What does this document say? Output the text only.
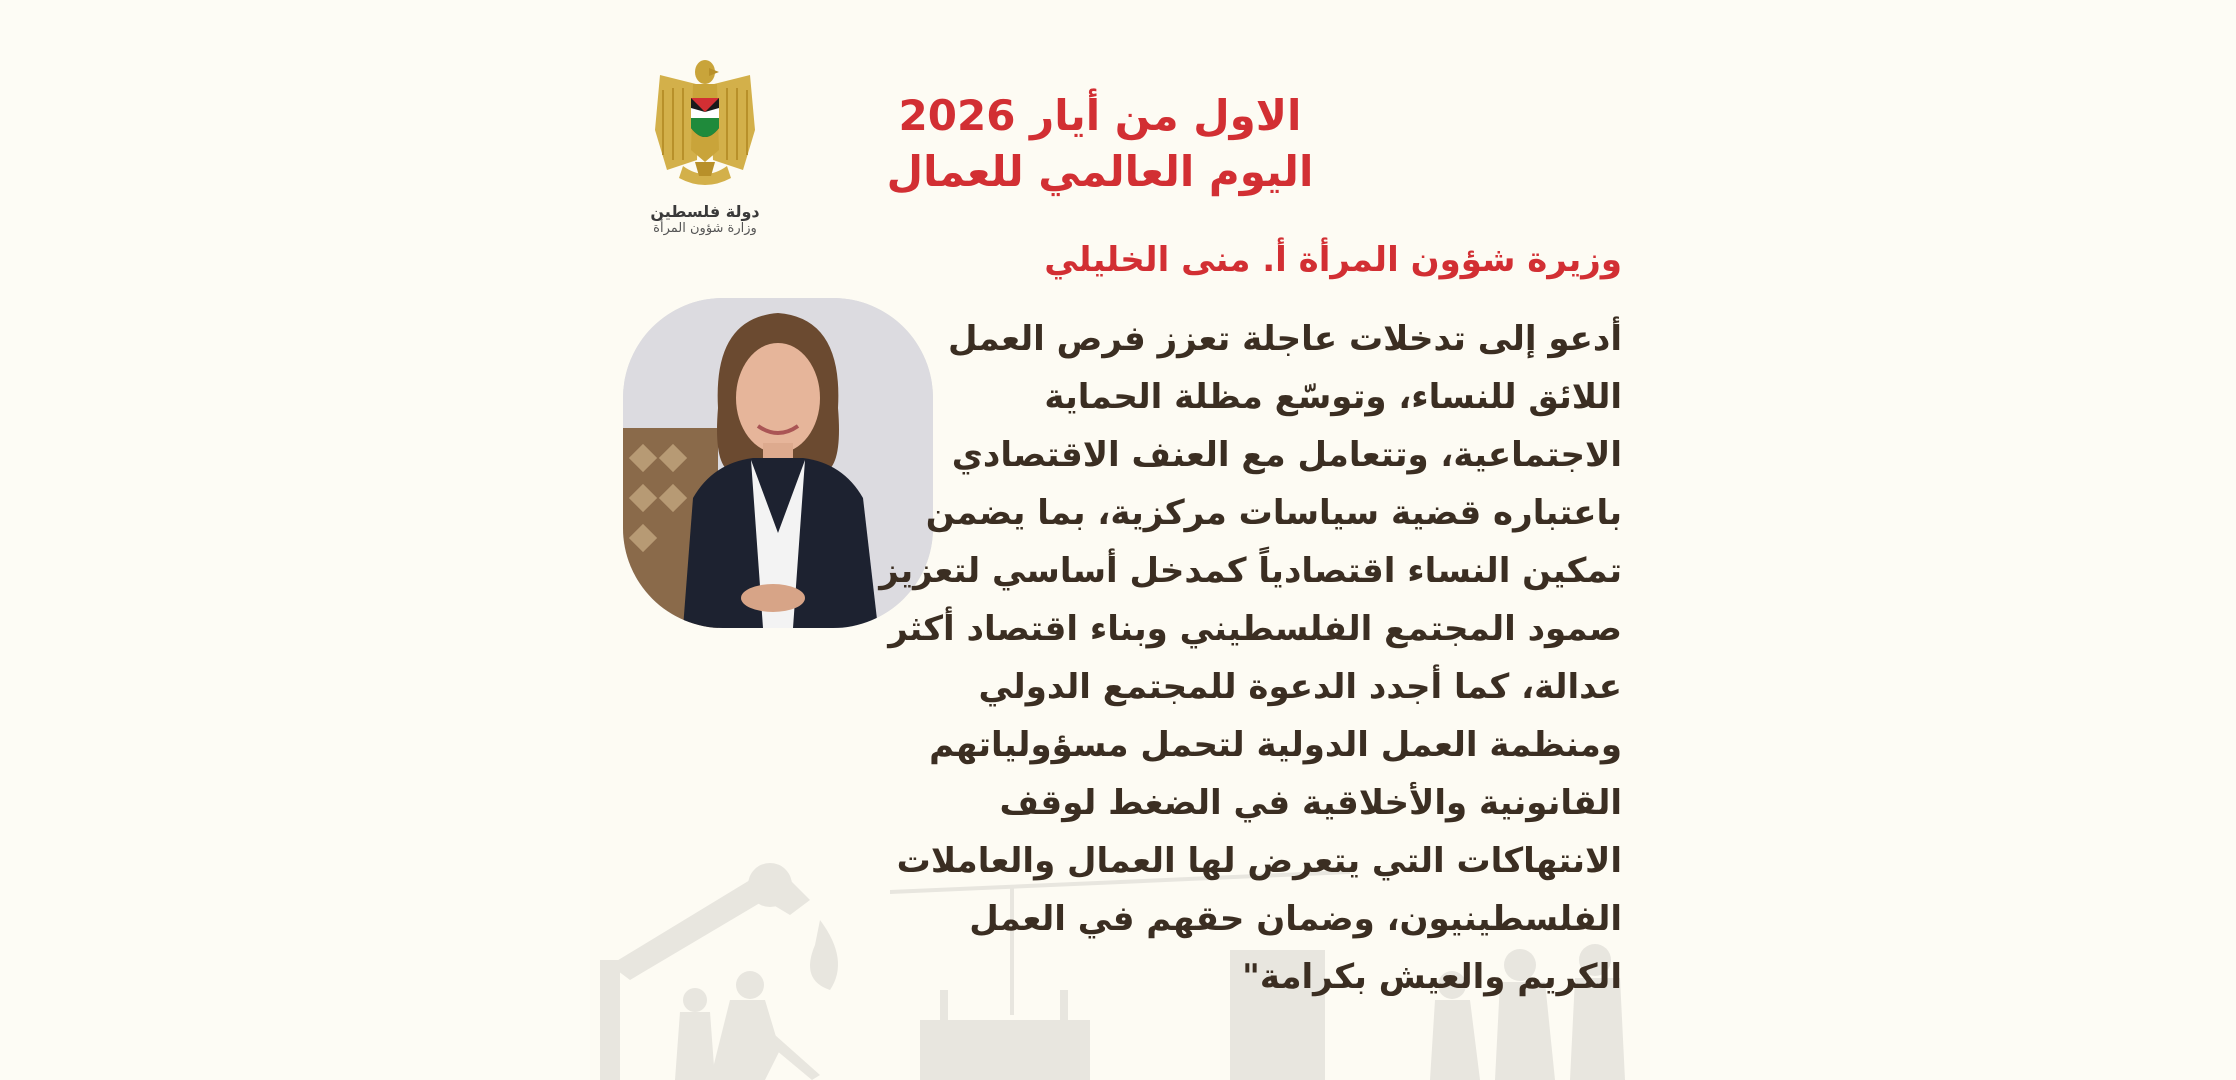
دولة فلسطين
وزارة شؤون المرأة
الاول من أيار 2026
اليوم العالمي للعمال
وزيرة شؤون المرأة أ. منى الخليلي

أدعو إلى تدخلات عاجلة تعزز فرص العمل
اللائق للنساء، وتوسّع مظلة الحماية
الاجتماعية، وتتعامل مع العنف الاقتصادي
باعتباره قضية سياسات مركزية، بما يضمن
تمكين النساء اقتصادياً كمدخل أساسي لتعزيز
صمود المجتمع الفلسطيني وبناء اقتصاد أكثر
عدالة، كما أجدد الدعوة للمجتمع الدولي
ومنظمة العمل الدولية لتحمل مسؤولياتهم
القانونية والأخلاقية في الضغط لوقف
الانتهاكات التي يتعرض لها العمال والعاملات
الفلسطينيون، وضمان حقهم في العمل
الكريم والعيش بكرامة"
